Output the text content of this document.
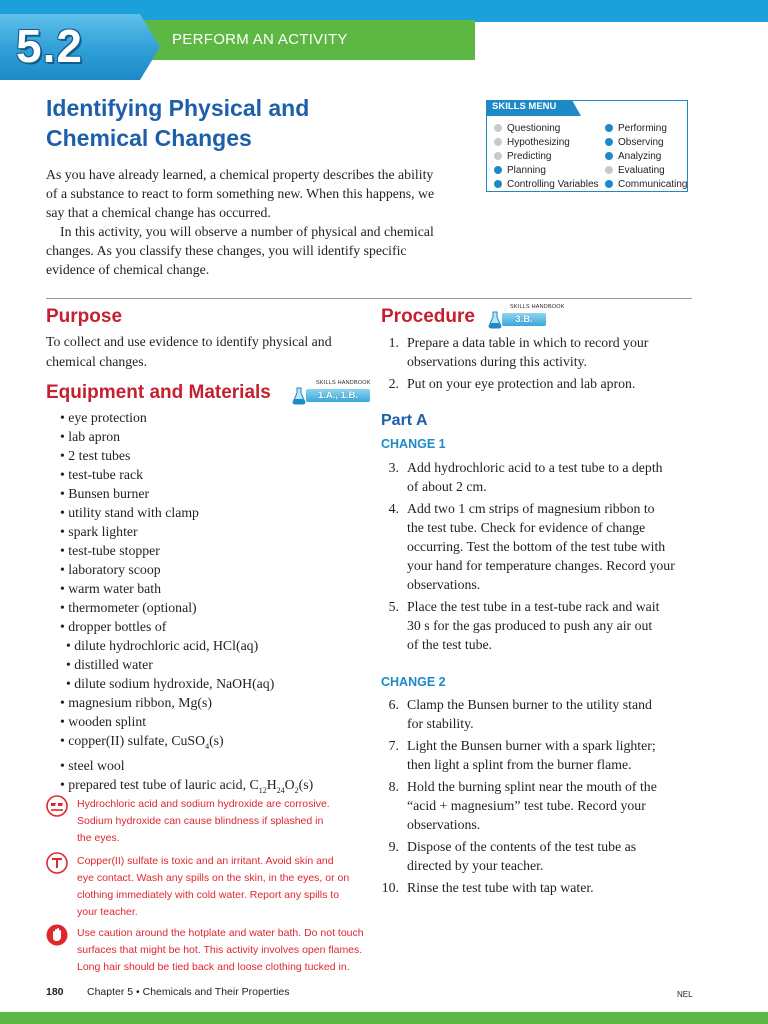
5.2	PERFORM AN ACTIVITY
Identifying Physical and
Chemical Changes
As you have already learned, a chemical property describes the ability
of a substance to react to form something new. When this happens, we
say that a chemical change has occurred.
In this activity, you will observe a number of physical and chemical
changes. As you classify these changes, you will identify specific
evidence of chemical change.
SKILLS MENU
Questioning
Hypothesizing
Predicting
Planning
Controlling Variables
Performing
Observing
Analyzing
Evaluating
Communicating
Purpose
To collect and use evidence to identify physical and
chemical changes.
Equipment and Materials	SKILLS HANDBOOK
1.A., 1.B.
• eye protection
• lab apron
• 2 test tubes
• test-tube rack
• Bunsen burner
• utility stand with clamp
• spark lighter
• test-tube stopper
• laboratory scoop
• warm water bath
• thermometer (optional)
• dropper bottles of
• dilute hydrochloric acid, HCl(aq)
• distilled water
• dilute sodium hydroxide, NaOH(aq)
• magnesium ribbon, Mg(s)
• wooden splint
• copper(II) sulfate, CuSO$_4$(s)
• steel wool
• prepared test tube of lauric acid, $C_{12}H_{24}O_2(s)$
Hydrochloric acid and sodium hydroxide are corrosive.
Sodium hydroxide can cause blindness if splashed in
the eyes.
Copper(II) sulfate is toxic and an irritant. Avoid skin and
eye contact. Wash any spills on the skin, in the eyes, or on
clothing immediately with cold water. Report any spills to
your teacher.
Use caution around the hotplate and water bath. Do not touch
surfaces that might be hot. This activity involves open flames.
Long hair should be tied back and loose clothing tucked in.
Procedure	SKILLS HANDBOOK
3.B.
1. Prepare a data table in which to record your
observations during this activity.
2. Put on your eye protection and lab apron.
Part A
CHANGE 1
3. Add hydrochloric acid to a test tube to a depth
of about 2 cm.
4. Add two 1 cm strips of magnesium ribbon to
the test tube. Check for evidence of change
occurring. Test the bottom of the test tube with
your hand for temperature changes. Record your
observations.
5. Place the test tube in a test-tube rack and wait
30 s for the gas produced to push any air out
of the test tube.
CHANGE 2
6. Clamp the Bunsen burner to the utility stand
for stability.
7. Light the Bunsen burner with a spark lighter;
then light a splint from the burner flame.
8. Hold the burning splint near the mouth of the
“acid + magnesium” test tube. Record your
observations.
9. Dispose of the contents of the test tube as
directed by your teacher.
10. Rinse the test tube with tap water.
180 Chapter 5 • Chemicals and Their Properties	NEL
